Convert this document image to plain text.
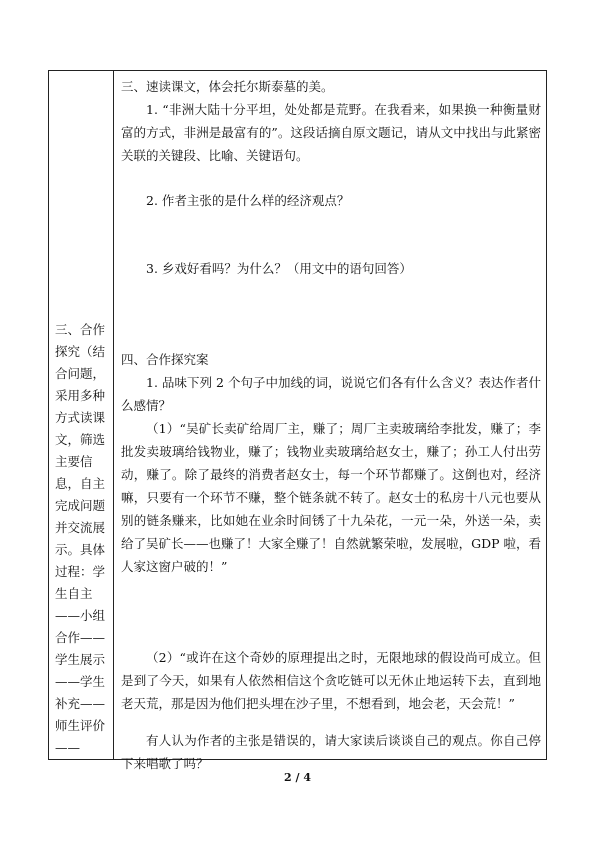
三、合作探究（结合问题，采用多种方式读课文，筛选主要信息，自主完成问题并交流展示。具体过程：学生自主——小组合作——学生展示——学生补充——师生评价——

三、速读课文，体会托尔斯泰墓的美。

1. “非洲大陆十分平坦，处处都是荒野。在我看来，如果换一种衡量财富的方式，非洲是最富有的”。这段话摘自原文题记，请从文中找出与此紧密关联的关键段、比喻、关键语句。

2. 作者主张的是什么样的经济观点？

3. 乡戏好看吗？为什么？（用文中的语句回答）

四、合作探究案

1. 品味下列 2 个句子中加线的词，说说它们各有什么含义？表达作者什么感情？

（1）“吴矿长卖矿给周厂主，赚了；周厂主卖玻璃给李批发，赚了；李批发卖玻璃给钱物业，赚了；钱物业卖玻璃给赵女士，赚了；孙工人付出劳动，赚了。除了最终的消费者赵女士，每一个环节都赚了。这倒也对，经济嘛，只要有一个环节不赚，整个链条就不转了。赵女士的私房十八元也要从别的链条赚来，比如她在业余时间锈了十九朵花，一元一朵，外送一朵，卖给了吴矿长——也赚了！大家全赚了！自然就繁荣啦，发展啦，GDP 啦，看人家这窗户破的！”

（2）“或许在这个奇妙的原理提出之时，无限地球的假设尚可成立。但是到了今天，如果有人依然相信这个贪吃链可以无休止地运转下去，直到地老天荒，那是因为他们把头埋在沙子里，不想看到，地会老，天会荒！”

有人认为作者的主张是错误的，请大家读后谈谈自己的观点。你自己停下来唱歌了吗？

2 / 4
